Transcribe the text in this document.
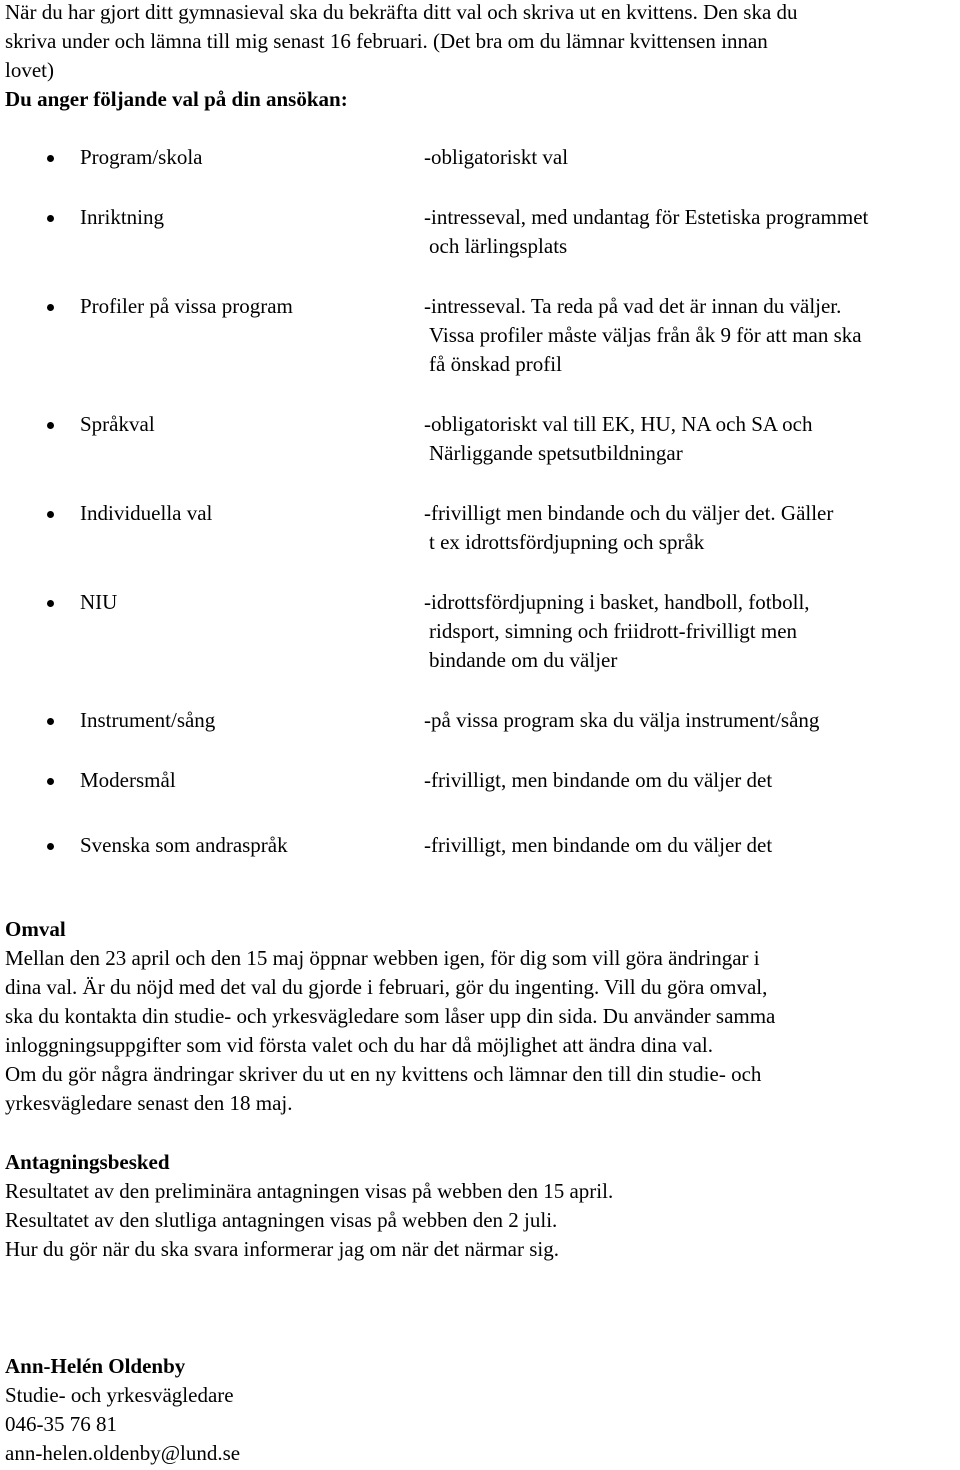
När du har gjort ditt gymnasieval ska du bekräfta ditt val och skriva ut en kvittens. Den ska du
skriva under och lämna till mig senast 16 februari. (Det bra om du lämnar kvittensen innan
lovet)
Du anger följande val på din ansökan:
Program/skola	-obligatoriskt val
Inriktning	-intresseval, med undantag för Estetiska programmet
och lärlingsplats
Profiler på vissa program	-intresseval. Ta reda på vad det är innan du väljer.
Vissa profiler måste väljas från åk 9 för att man ska
få önskad profil
Språkval	-obligatoriskt val till EK, HU, NA och SA och
Närliggande spetsutbildningar
Individuella val	-frivilligt men bindande och du väljer det. Gäller
t ex idrottsfördjupning och språk
NIU	-idrottsfördjupning i basket, handboll, fotboll,
ridsport, simning och friidrott-frivilligt men
bindande om du väljer
Instrument/sång	-på vissa program ska du välja instrument/sång
Modersmål	-frivilligt, men bindande om du väljer det
Svenska som andraspråk	-frivilligt, men bindande om du väljer det
Omval
Mellan den 23 april och den 15 maj öppnar webben igen, för dig som vill göra ändringar i
dina val. Är du nöjd med det val du gjorde i februari, gör du ingenting. Vill du göra omval,
ska du kontakta din studie- och yrkesvägledare som låser upp din sida. Du använder samma
inloggningsuppgifter som vid första valet och du har då möjlighet att ändra dina val.
Om du gör några ändringar skriver du ut en ny kvittens och lämnar den till din studie- och
yrkesvägledare senast den 18 maj.
Antagningsbesked
Resultatet av den preliminära antagningen visas på webben den 15 april.
Resultatet av den slutliga antagningen visas på webben den 2 juli.
Hur du gör när du ska svara informerar jag om när det närmar sig.
Ann-Helén Oldenby
Studie- och yrkesvägledare
046-35 76 81
ann-helen.oldenby@lund.se
